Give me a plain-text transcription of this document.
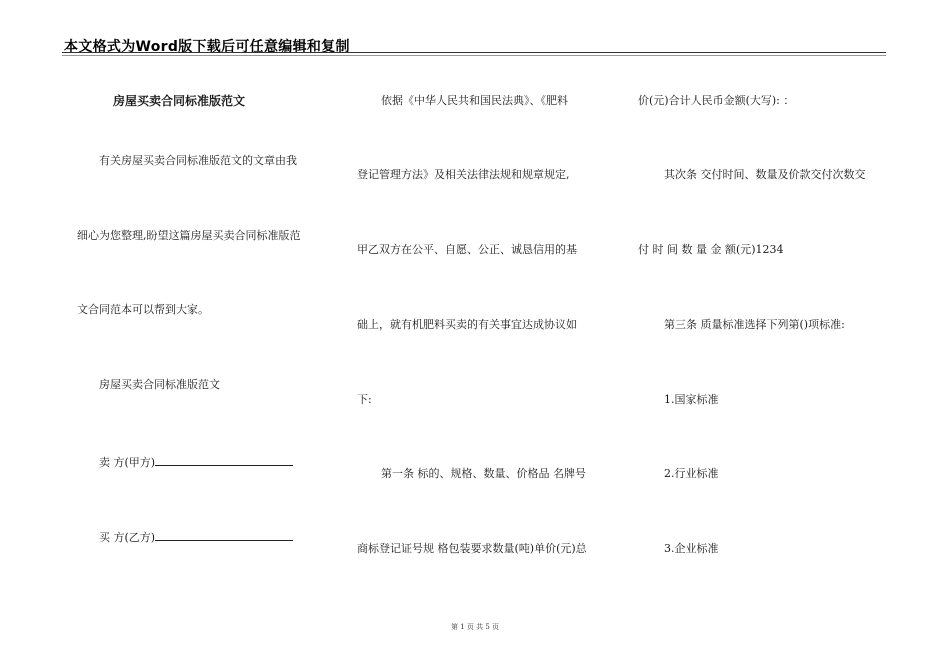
本文格式为Word版下载后可任意编辑和复制
房屋买卖合同标准版范文
有关房屋买卖合同标准版范文的文章由我
细心为您整理,盼望这篇房屋买卖合同标准版范
文合同范本可以帮到大家。
房屋买卖合同标准版范文
卖 方(甲方)
买 方(乙方)
依据《中华人民共和国民法典》、《肥料
登记管理方法》及相关法律法规和规章规定,
甲乙双方在公平、自愿、公正、诚恳信用的基
础上，就有机肥料买卖的有关事宜达成协议如
下:
第一条 标的、规格、数量、价格品 名牌号
商标登记证号规 格包装要求数量(吨)单价(元)总
价(元)合计人民币金额(大写): ：
其次条 交付时间、数量及价款交付次数交
付 时 间 数 量 金 额(元)1234
第三条 质量标准选择下列第()项标准:
1.国家标准
2.行业标准
3.企业标准
第 1 页 共 5 页
